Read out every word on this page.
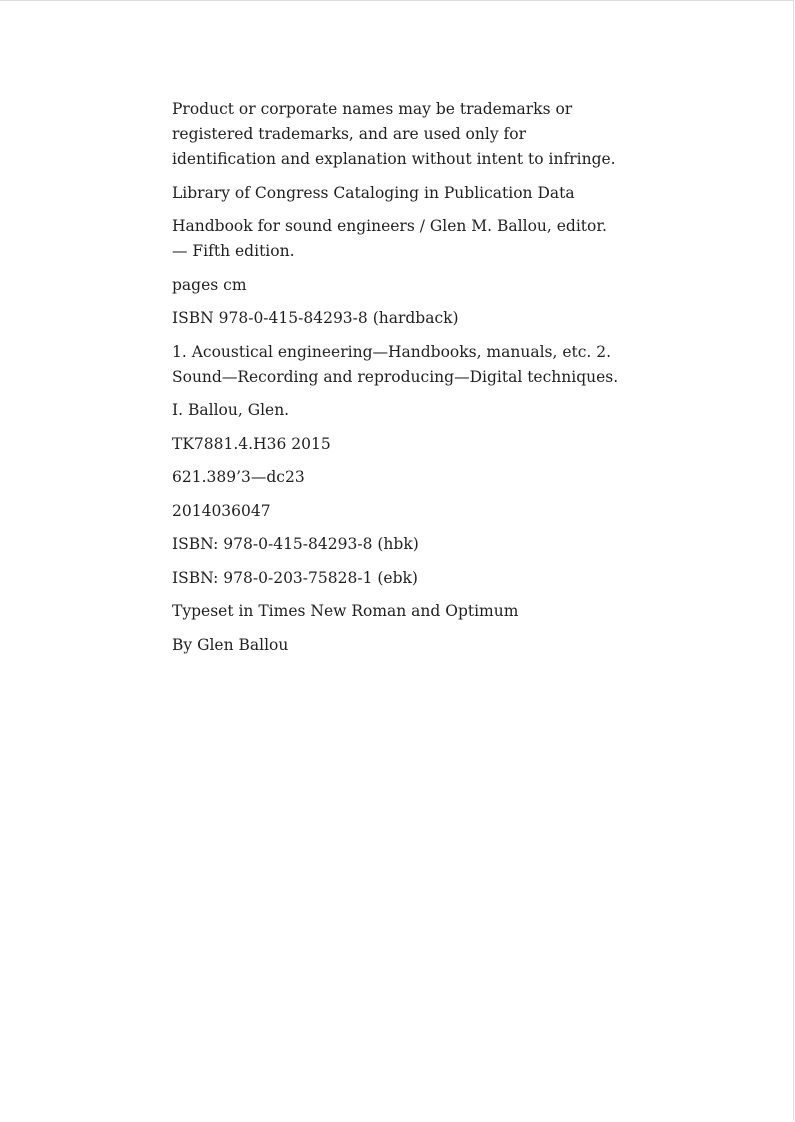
Product or corporate names may be trademarks or registered trademarks, and are used only for identification and explanation without intent to infringe.

Library of Congress Cataloging in Publication Data

Handbook for sound engineers / Glen M. Ballou, editor. — Fifth edition.

pages cm

ISBN 978-0-415-84293-8 (hardback)

1. Acoustical engineering—Handbooks, manuals, etc. 2. Sound—Recording and reproducing—Digital techniques.

I. Ballou, Glen.

TK7881.4.H36 2015

621.389’3—dc23

2014036047

ISBN: 978-0-415-84293-8 (hbk)

ISBN: 978-0-203-75828-1 (ebk)

Typeset in Times New Roman and Optimum

By Glen Ballou
